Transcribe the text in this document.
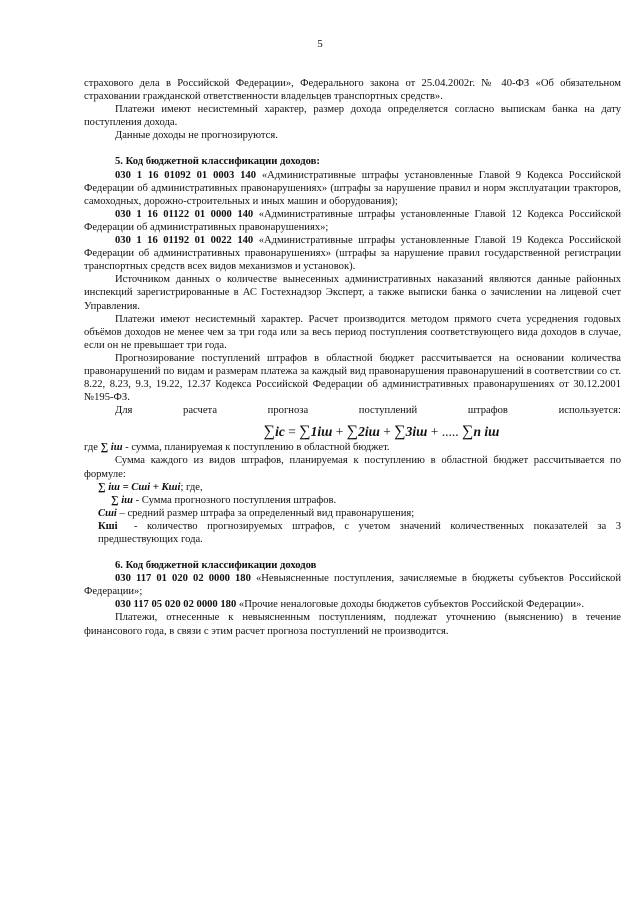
5

страхового дела в Российской Федерации», Федерального закона от 25.04.2002г. № 40-ФЗ «Об обязательном страховании гражданской ответственности владельцев транспортных средств».

Платежи имеют несистемный характер, размер дохода определяется согласно выпискам банка на дату поступления дохода.

Данные доходы не прогнозируются.

5. Код бюджетной классификации доходов:

030 1 16 01092 01 0003 140 «Административные штрафы установленные Главой 9 Кодекса Российской Федерации об административных правонарушениях» (штрафы за нарушение правил и норм эксплуатации тракторов, самоходных, дорожно-строительных и иных машин и оборудования);

030 1 16 01122 01 0000 140 «Административные штрафы установленные Главой 12 Кодекса Российской Федерации об административных правонарушениях»;

030 1 16 01192 01 0022 140 «Административные штрафы установленные Главой 19 Кодекса Российской Федерации об административных правонарушениях» (штрафы за нарушение правил государственной регистрации транспортных средств всех видов механизмов и установок).

Источником данных о количестве вынесенных административных наказаний являются данные районных инспекций зарегистрированные в АС Гостехнадзор Эксперт, а также выписки банка о зачислении на лицевой счет Управления.

Платежи имеют несистемный характер. Расчет производится методом прямого счета усреднения годовых объёмов доходов не менее чем за три года или за весь период поступления соответствующего вида доходов в случае, если он не превышает три года.

Прогнозирование поступлений штрафов в областной бюджет рассчитывается на основании количества правонарушений по видам и размерам платежа за каждый вид правонарушения правонарушений в соответствии со ст. 8.22, 8.23, 9.3, 19.22, 12.37 Кодекса Российской Федерации об административных правонарушениях от 30.12.2001 №195-ФЗ.

Для расчета прогноза поступлений штрафов используется:

∑iс = ∑1iш + ∑2iш + ∑3iш + ..... ∑n iш

где ∑ iш - сумма, планируемая к поступлению в областной бюджет.

Сумма каждого из видов штрафов, планируемая к поступлению в областной бюджет рассчитывается по формуле:

∑ iш = Сшi + Кшi; где,

∑ iш - Сумма прогнозного поступления штрафов.

Сшi – средний размер штрафа за определенный вид правонарушения;

Кшi - количество прогнозируемых штрафов, с учетом значений количественных показателей за 3 предшествующих года.

6. Код бюджетной классификации доходов

030 117 01 020 02 0000 180 «Невыясненные поступления, зачисляемые в бюджеты субъектов Российской Федерации»;

030 117 05 020 02 0000 180 «Прочие неналоговые доходы бюджетов субъектов Российской Федерации».

Платежи, отнесенные к невыясненным поступлениям, подлежат уточнению (выяснению) в течение финансового года, в связи с этим расчет прогноза поступлений не производится.
